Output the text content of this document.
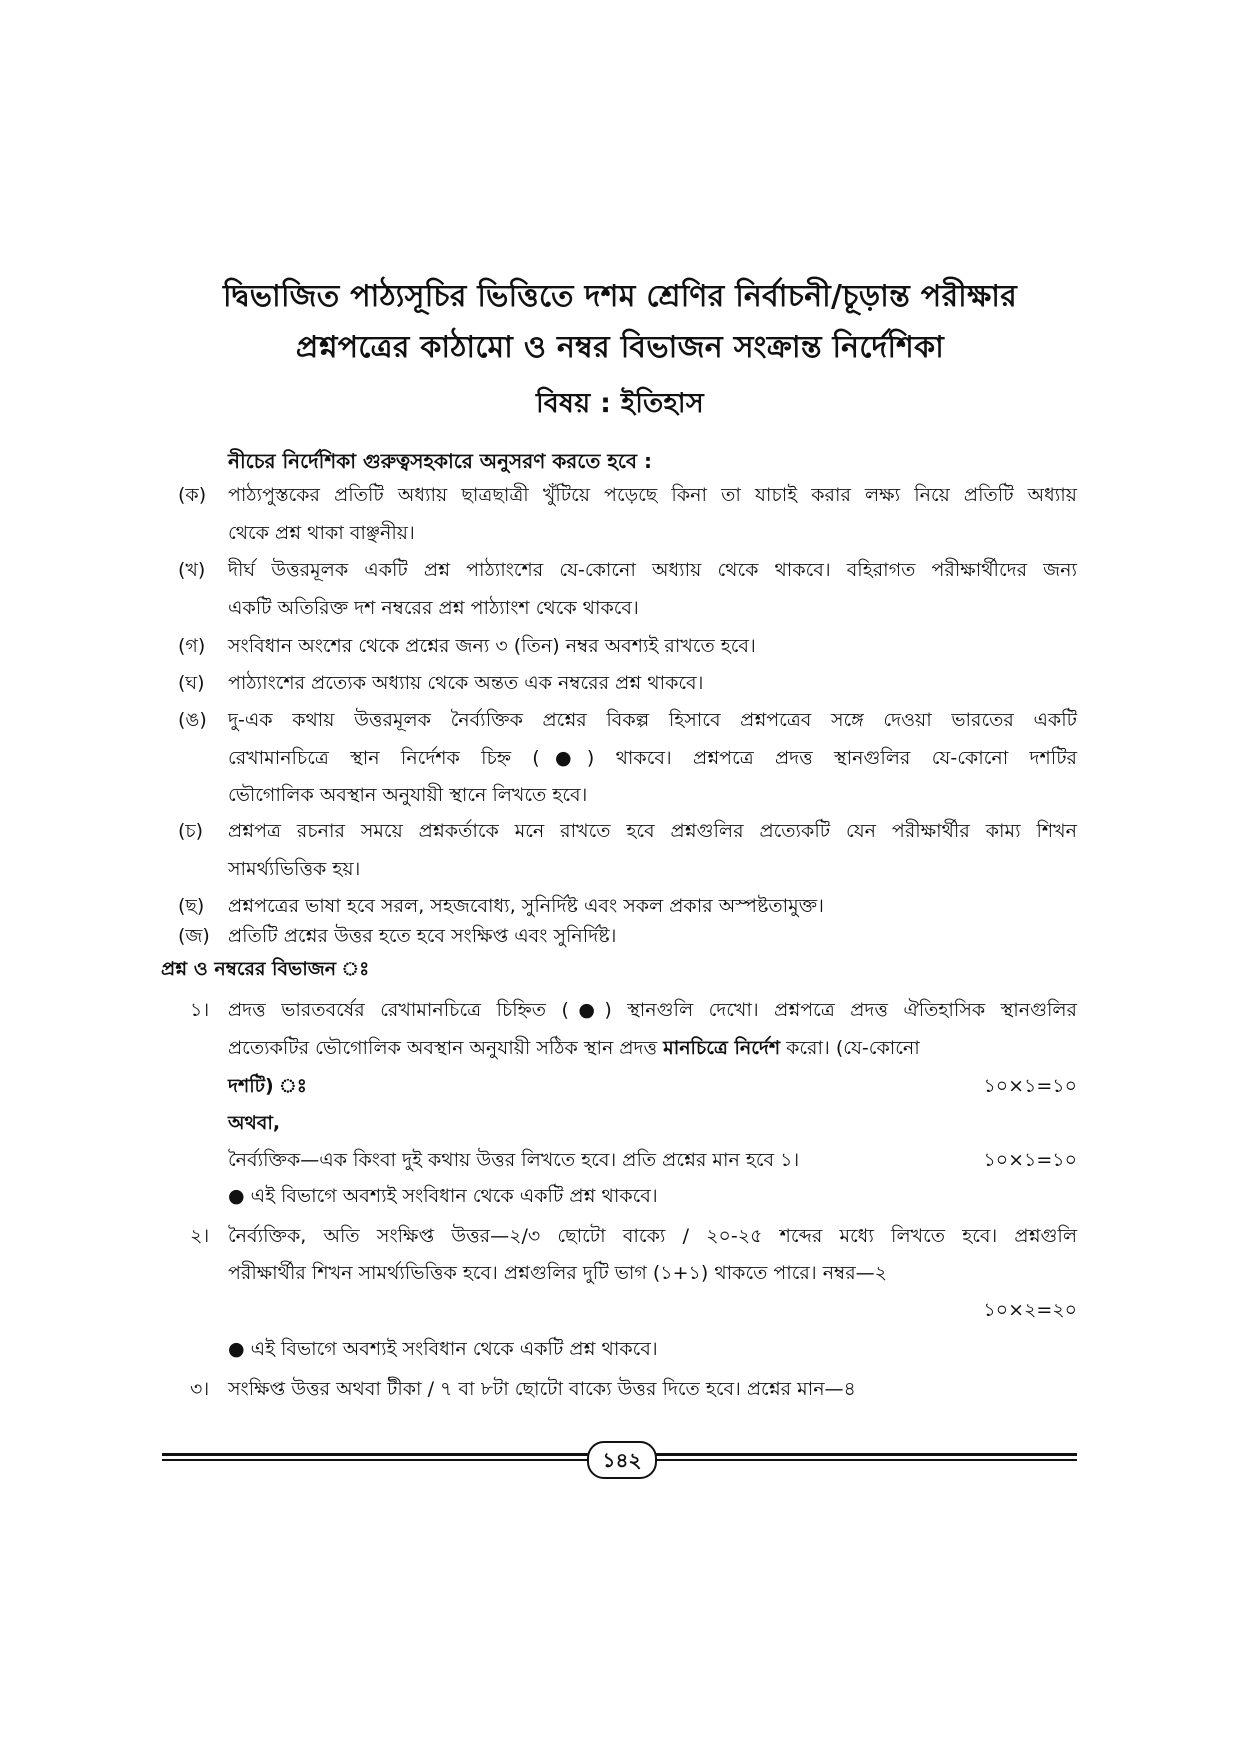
দ্বিভাজিত পাঠ্যসূচির ভিত্তিতে দশম শ্রেণির নির্বাচনী/চূড়ান্ত পরীক্ষার
প্রশ্নপত্রের কাঠামো ও নম্বর বিভাজন সংক্রান্ত নির্দেশিকা
বিষয় : ইতিহাস
নীচের নির্দেশিকা গুরুত্বসহকারে অনুসরণ করতে হবে :
(ক) পাঠ্যপুস্তকের প্রতিটি অধ্যায় ছাত্রছাত্রী খুঁটিয়ে পড়েছে কিনা তা যাচাই করার লক্ষ্য নিয়ে প্রতিটি অধ্যায়
থেকে প্রশ্ন থাকা বাঞ্ছনীয়।
(খ) দীর্ঘ উত্তরমূলক একটি প্রশ্ন পাঠ্যাংশের যে-কোনো অধ্যায় থেকে থাকবে। বহিরাগত পরীক্ষার্থীদের জন্য
একটি অতিরিক্ত দশ নম্বরের প্রশ্ন পাঠ্যাংশ থেকে থাকবে।
(গ) সংবিধান অংশের থেকে প্রশ্নের জন্য ৩ (তিন) নম্বর অবশ্যই রাখতে হবে।
(ঘ) পাঠ্যাংশের প্রত্যেক অধ্যায় থেকে অন্তত এক নম্বরের প্রশ্ন থাকবে।
(ঙ) দু-এক কথায় উত্তরমূলক নৈর্ব্যক্তিক প্রশ্নের বিকল্প হিসাবে প্রশ্নপত্রেব সঙ্গে দেওয়া ভারতের একটি
রেখামানচিত্রে স্থান নির্দেশক চিহ্ন (●) থাকবে। প্রশ্নপত্রে প্রদত্ত স্থানগুলির যে-কোনো দশটির
ভৌগোলিক অবস্থান অনুযায়ী স্থানে লিখতে হবে।
(চ) প্রশ্নপত্র রচনার সময়ে প্রশ্নকর্তাকে মনে রাখতে হবে প্রশ্নগুলির প্রত্যেকটি যেন পরীক্ষার্থীর কাম্য শিখন
সামর্থ্যভিত্তিক হয়।
(ছ) প্রশ্নপত্রের ভাষা হবে সরল, সহজবোধ্য, সুনির্দিষ্ট এবং সকল প্রকার অস্পষ্টতামুক্ত।
(জ) প্রতিটি প্রশ্নের উত্তর হতে হবে সংক্ষিপ্ত এবং সুনির্দিষ্ট।
প্রশ্ন ও নম্বরের বিভাজন ঃ
১। প্রদত্ত ভারতবর্ষের রেখামানচিত্রে চিহ্নিত (●) স্থানগুলি দেখো। প্রশ্নপত্রে প্রদত্ত ঐতিহাসিক স্থানগুলির
প্রত্যেকটির ভৌগোলিক অবস্থান অনুযায়ী সঠিক স্থান প্রদত্ত মানচিত্রে নির্দেশ করো। (যে-কোনো
দশটি) ঃ	১০×১=১০
অথবা,
নৈর্ব্যক্তিক—এক কিংবা দুই কথায় উত্তর লিখতে হবে। প্রতি প্রশ্নের মান হবে ১।	১০×১=১০
● এই বিভাগে অবশ্যই সংবিধান থেকে একটি প্রশ্ন থাকবে।
২। নৈর্ব্যক্তিক, অতি সংক্ষিপ্ত উত্তর—২/৩ ছোটো বাক্যে / ২০-২৫ শব্দের মধ্যে লিখতে হবে। প্রশ্নগুলি
পরীক্ষার্থীর শিখন সামর্থ্যভিত্তিক হবে। প্রশ্নগুলির দুটি ভাগ (১+১) থাকতে পারে। নম্বর—২
১০×২=২০
● এই বিভাগে অবশ্যই সংবিধান থেকে একটি প্রশ্ন থাকবে।
৩। সংক্ষিপ্ত উত্তর অথবা টীকা / ৭ বা ৮টা ছোটো বাক্যে উত্তর দিতে হবে। প্রশ্নের মান—৪
১৪২
